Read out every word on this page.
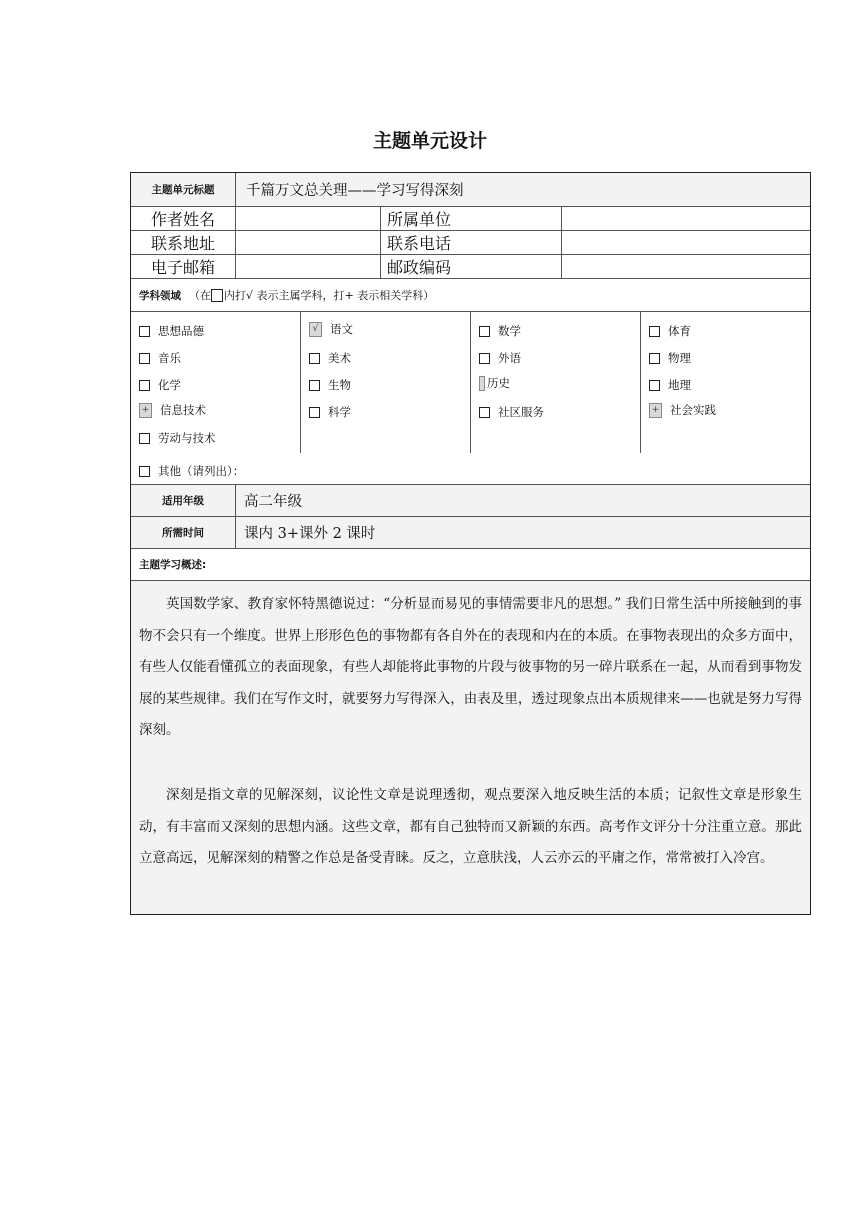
主题单元设计
主题单元标题	千篇万文总关理——学习写得深刻
作者姓名	所属单位
联系地址	联系电话
电子邮箱	邮政编码
学科领域 （在 内打√ 表示主属学科，打+ 表示相关学科）
思想品德
音乐
化学
+ 信息技术
劳动与技术
√	语文
美术
生物
科学
数学
外语
历史
社区服务
体育
物理
地理
+ 社会实践
其他（请列出）：
适用年级	高二年级
所需时间	课内 3+课外 2 课时
主题学习概述:
英国数学家、教育家怀特黑德说过：“分析显而易见的事情需要非凡的思想。” 我们日常生活中所接触到的事物不会只有一个维度。世界上形形色色的事物都有各自外在的表现和内在的本质。在事物表现出的众多方面中，有些人仅能看懂孤立的表面现象，有些人却能将此事物的片段与彼事物的另一碎片联系在一起，从而看到事物发展的某些规律。我们在写作文时，就要努力写得深入，由表及里，透过现象点出本质规律来——也就是努力写得深刻。
深刻是指文章的见解深刻，议论性文章是说理透彻，观点要深入地反映生活的本质；记叙性文章是形象生动，有丰富而又深刻的思想内涵。这些文章，都有自己独特而又新颖的东西。高考作文评分十分注重立意。那此立意高远，见解深刻的精警之作总是备受青睐。反之，立意肤浅，人云亦云的平庸之作，常常被打入冷宫。
